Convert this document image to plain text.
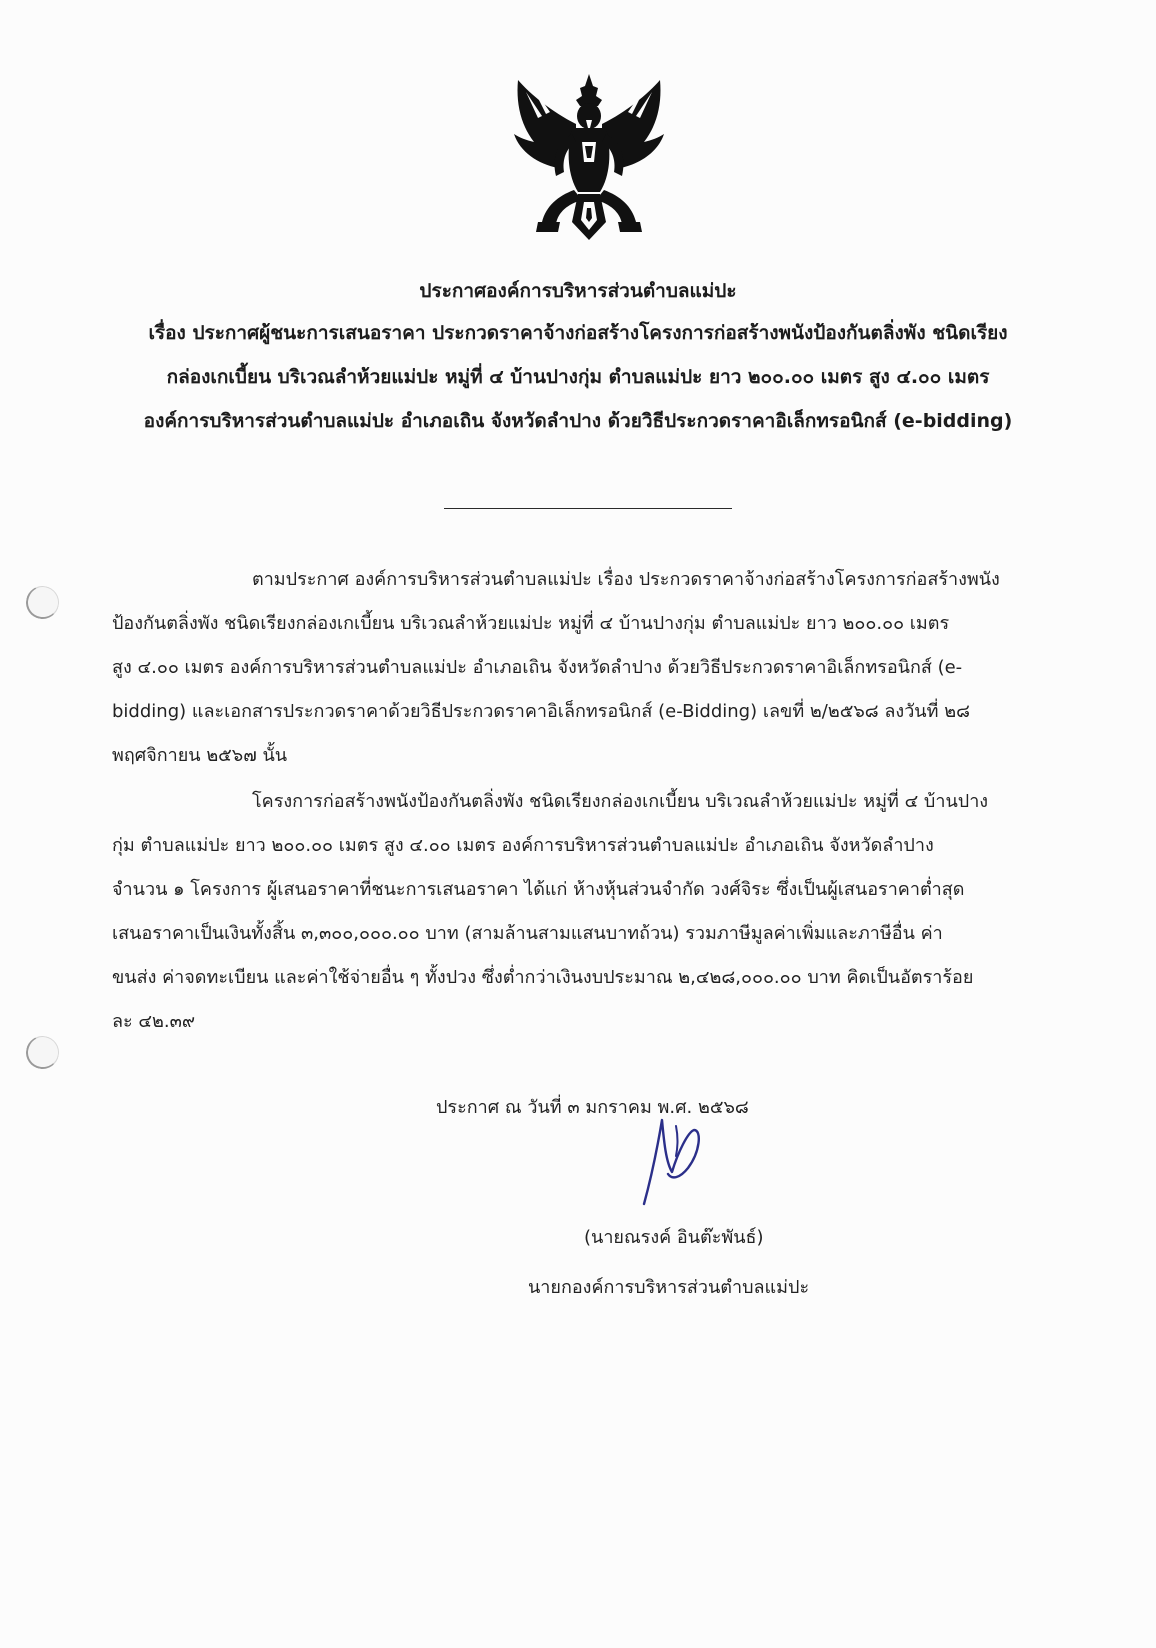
ประกาศองค์การบริหารส่วนตำบลแม่ปะ
เรื่อง ประกาศผู้ชนะการเสนอราคา ประกวดราคาจ้างก่อสร้างโครงการก่อสร้างพนังป้องกันตลิ่งพัง ชนิดเรียง
กล่องเกเบี้ยน บริเวณลำห้วยแม่ปะ หมู่ที่ ๔ บ้านปางกุ่ม ตำบลแม่ปะ ยาว ๒๐๐.๐๐ เมตร สูง ๔.๐๐ เมตร
องค์การบริหารส่วนตำบลแม่ปะ อำเภอเถิน จังหวัดลำปาง ด้วยวิธีประกวดราคาอิเล็กทรอนิกส์ (e-bidding)
ตามประกาศ องค์การบริหารส่วนตำบลแม่ปะ เรื่อง ประกวดราคาจ้างก่อสร้างโครงการก่อสร้างพนัง
ป้องกันตลิ่งพัง ชนิดเรียงกล่องเกเบี้ยน บริเวณลำห้วยแม่ปะ หมู่ที่ ๔ บ้านปางกุ่ม ตำบลแม่ปะ ยาว ๒๐๐.๐๐ เมตร
สูง ๔.๐๐ เมตร องค์การบริหารส่วนตำบลแม่ปะ อำเภอเถิน จังหวัดลำปาง ด้วยวิธีประกวดราคาอิเล็กทรอนิกส์ (e-
bidding) และเอกสารประกวดราคาด้วยวิธีประกวดราคาอิเล็กทรอนิกส์ (e-Bidding) เลขที่ ๒/๒๕๖๘ ลงวันที่ ๒๘
พฤศจิกายน ๒๕๖๗ นั้น
โครงการก่อสร้างพนังป้องกันตลิ่งพัง ชนิดเรียงกล่องเกเบี้ยน บริเวณลำห้วยแม่ปะ หมู่ที่ ๔ บ้านปาง
กุ่ม ตำบลแม่ปะ ยาว ๒๐๐.๐๐ เมตร สูง ๔.๐๐ เมตร องค์การบริหารส่วนตำบลแม่ปะ อำเภอเถิน จังหวัดลำปาง
จำนวน ๑ โครงการ ผู้เสนอราคาที่ชนะการเสนอราคา ได้แก่ ห้างหุ้นส่วนจำกัด วงศ์จิระ ซึ่งเป็นผู้เสนอราคาต่ำสุด
เสนอราคาเป็นเงินทั้งสิ้น ๓,๓๐๐,๐๐๐.๐๐ บาท (สามล้านสามแสนบาทถ้วน) รวมภาษีมูลค่าเพิ่มและภาษีอื่น ค่า
ขนส่ง ค่าจดทะเบียน และค่าใช้จ่ายอื่น ๆ ทั้งปวง ซึ่งต่ำกว่าเงินงบประมาณ ๒,๔๒๘,๐๐๐.๐๐ บาท คิดเป็นอัตราร้อย
ละ ๔๒.๓๙
ประกาศ ณ วันที่ ๓ มกราคม พ.ศ. ๒๕๖๘
(นายณรงค์ อินต๊ะพันธ์)
นายกองค์การบริหารส่วนตำบลแม่ปะ
